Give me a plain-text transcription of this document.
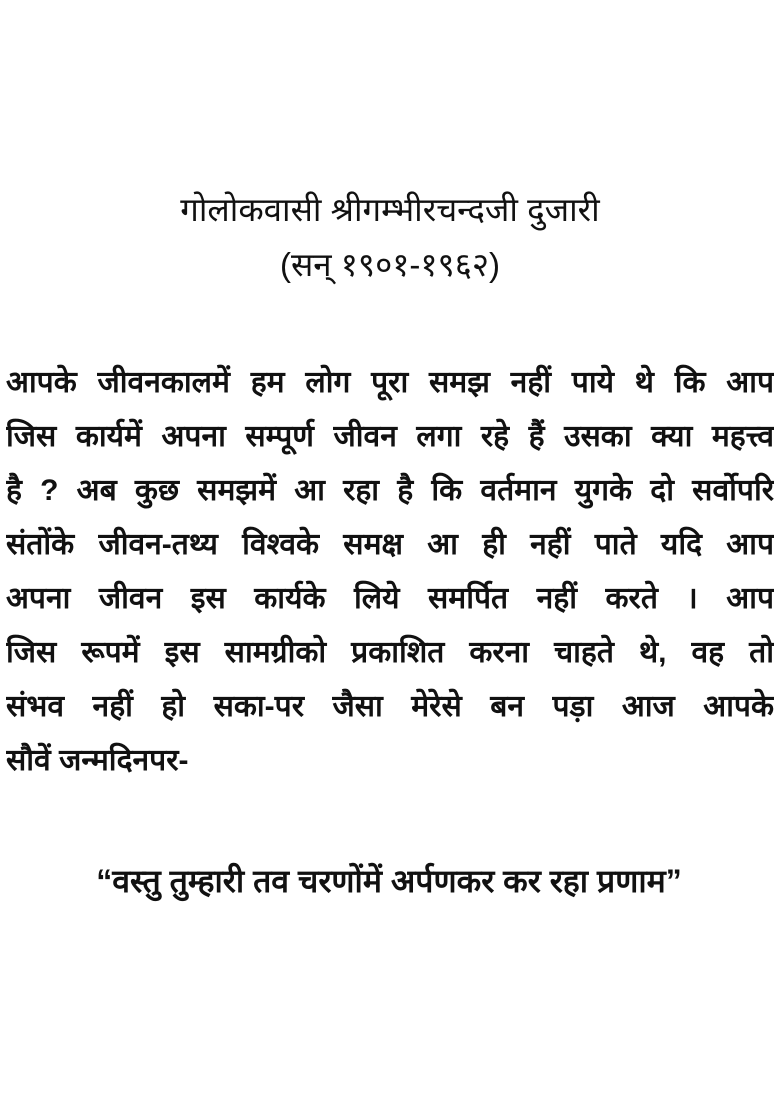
गोलोकवासी श्रीगम्भीरचन्दजी दुजारी
(सन् १९०१-१९६२)
आपके जीवनकालमें हम लोग पूरा समझ नहीं पाये थे कि आप
जिस कार्यमें अपना सम्पूर्ण जीवन लगा रहे हैं उसका क्या महत्त्व
है ? अब कुछ समझमें आ रहा है कि वर्तमान युगके दो सर्वोपरि
संतोंके जीवन-तथ्य विश्वके समक्ष आ ही नहीं पाते यदि आप
अपना जीवन इस कार्यके लिये समर्पित नहीं करते । आप
जिस रूपमें इस सामग्रीको प्रकाशित करना चाहते थे, वह तो
संभव नहीं हो सका-पर जैसा मेरेसे बन पड़ा आज आपके
सौवें जन्मदिनपर-
“वस्तु तुम्हारी तव चरणोंमें अर्पणकर कर रहा प्रणाम”
